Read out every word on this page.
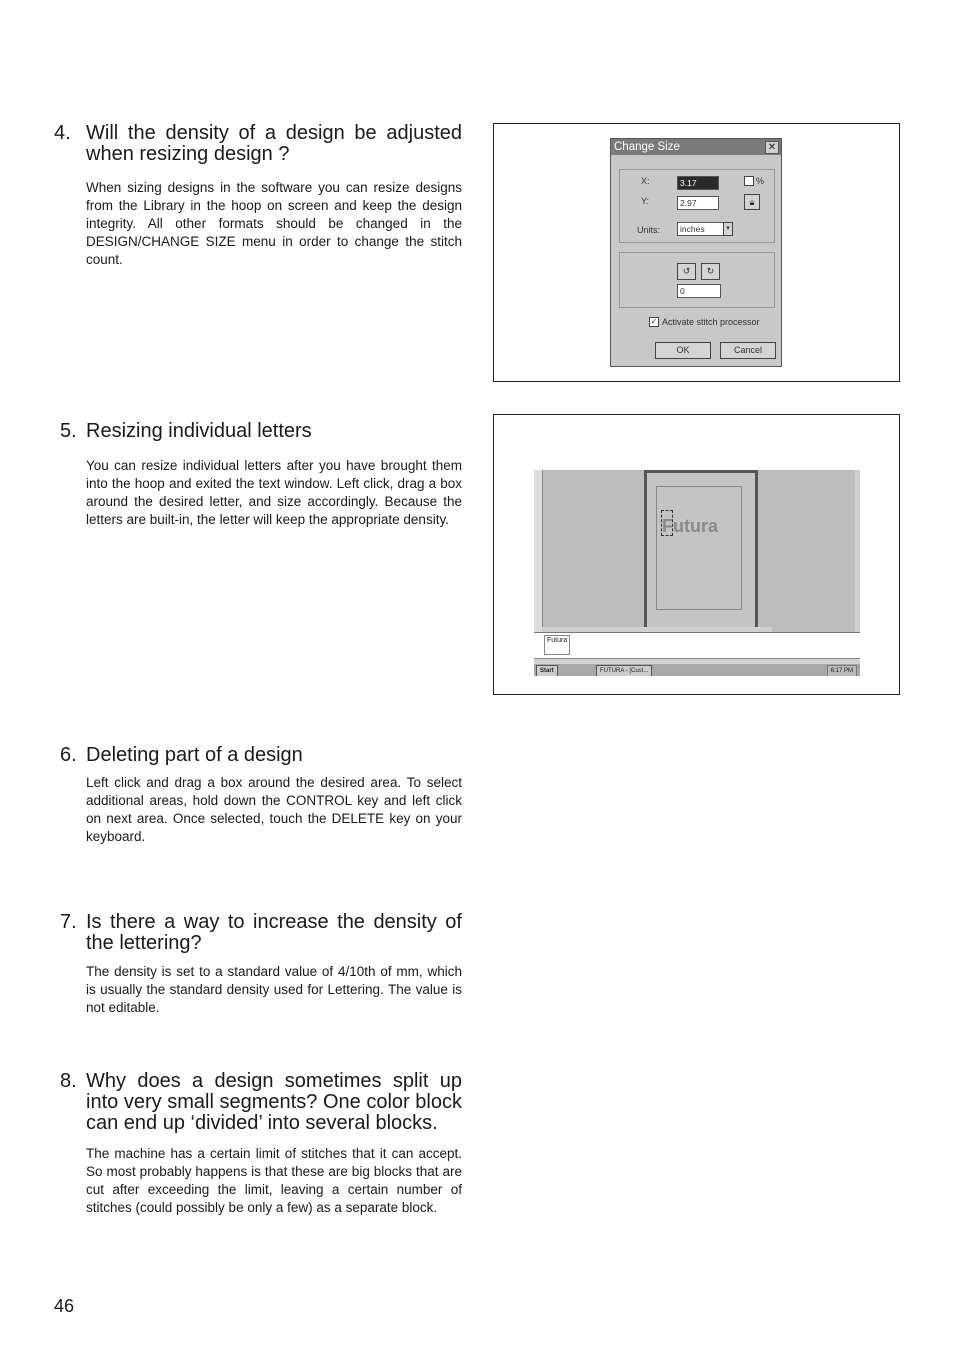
4. Will the density of a design be adjusted when resizing design ?
When sizing designs in the software you can resize designs from the Library in the hoop on screen and keep the design integrity. All other formats should be changed in the DESIGN/CHANGE SIZE menu in order to change the stitch count.
Change Size	✕
X:	3.17	%
Y:	2.97	🔒︎
Units:	inches	▾
↺	↻
0
✓ Activate stitch processor
OK	Cancel
5. Resizing individual letters
You can resize individual letters after you have brought them into the hoop and exited the text window. Left click, drag a box around the desired letter, and size accordingly. Because the letters are built-in, the letter will keep the appropriate density.	Futura
Futura
Start	FUTURA - [Cust...	6:17 PM
6. Deleting part of a design
Left click and drag a box around the desired area. To select additional areas, hold down the CONTROL key and left click on next area. Once selected, touch the DELETE key on your keyboard.
7. Is there a way to increase the density of the lettering?
The density is set to a standard value of 4/10th of mm, which is usually the standard density used for Lettering. The value is not editable.
8. Why does a design sometimes split up into very small segments? One color block can end up ‘divided’ into several blocks.
The machine has a certain limit of stitches that it can accept. So most probably happens is that these are big blocks that are cut after exceeding the limit, leaving a certain number of stitches (could possibly be only a few) as a separate block.
46
